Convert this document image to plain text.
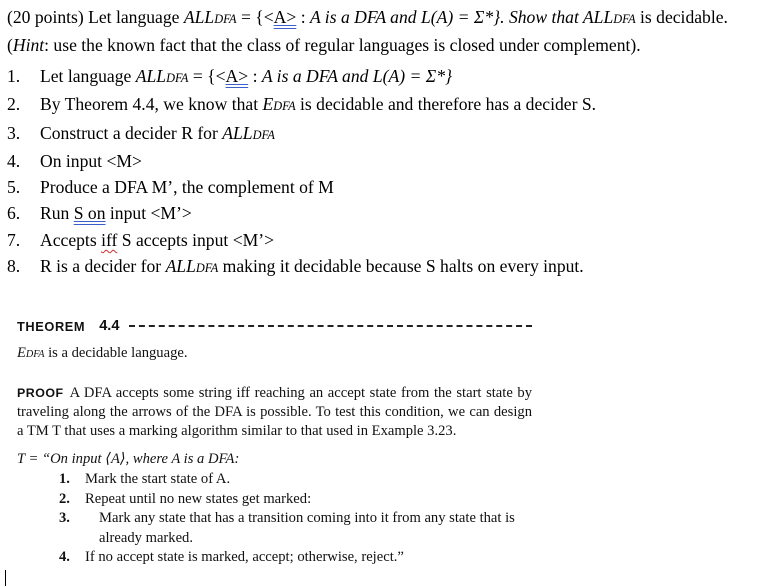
(20 points) Let language ALLDFA = {<A> : A is a DFA and L(A) = Σ*}. Show that ALLDFA is decidable. (Hint: use the known fact that the class of regular languages is closed under complement).

1.	Let language ALLDFA = {<A> : A is a DFA and L(A) = Σ*}
2.	By Theorem 4.4, we know that EDFA is decidable and therefore has a decider S.
3.	Construct a decider R for ALLDFA
4.	On input <M>
5.	Produce a DFA M’, the complement of M
6.	Run S on input <M’>
7.	Accepts iff S accepts input <M’>
8.	R is a decider for ALLDFA making it decidable because S halts on every input.
THEOREM 4.4
EDFA is a decidable language.
PROOF A DFA accepts some string iff reaching an accept state from the start state by traveling along the arrows of the DFA is possible. To test this condition, we can design a TM T that uses a marking algorithm similar to that used in Example 3.23.
T = “On input ⟨A⟩, where A is a DFA:
1.	Mark the start state of A.
2.	Repeat until no new states get marked:
3.	Mark any state that has a transition coming into it from any state that is already marked.
4.	If no accept state is marked, accept; otherwise, reject.”
